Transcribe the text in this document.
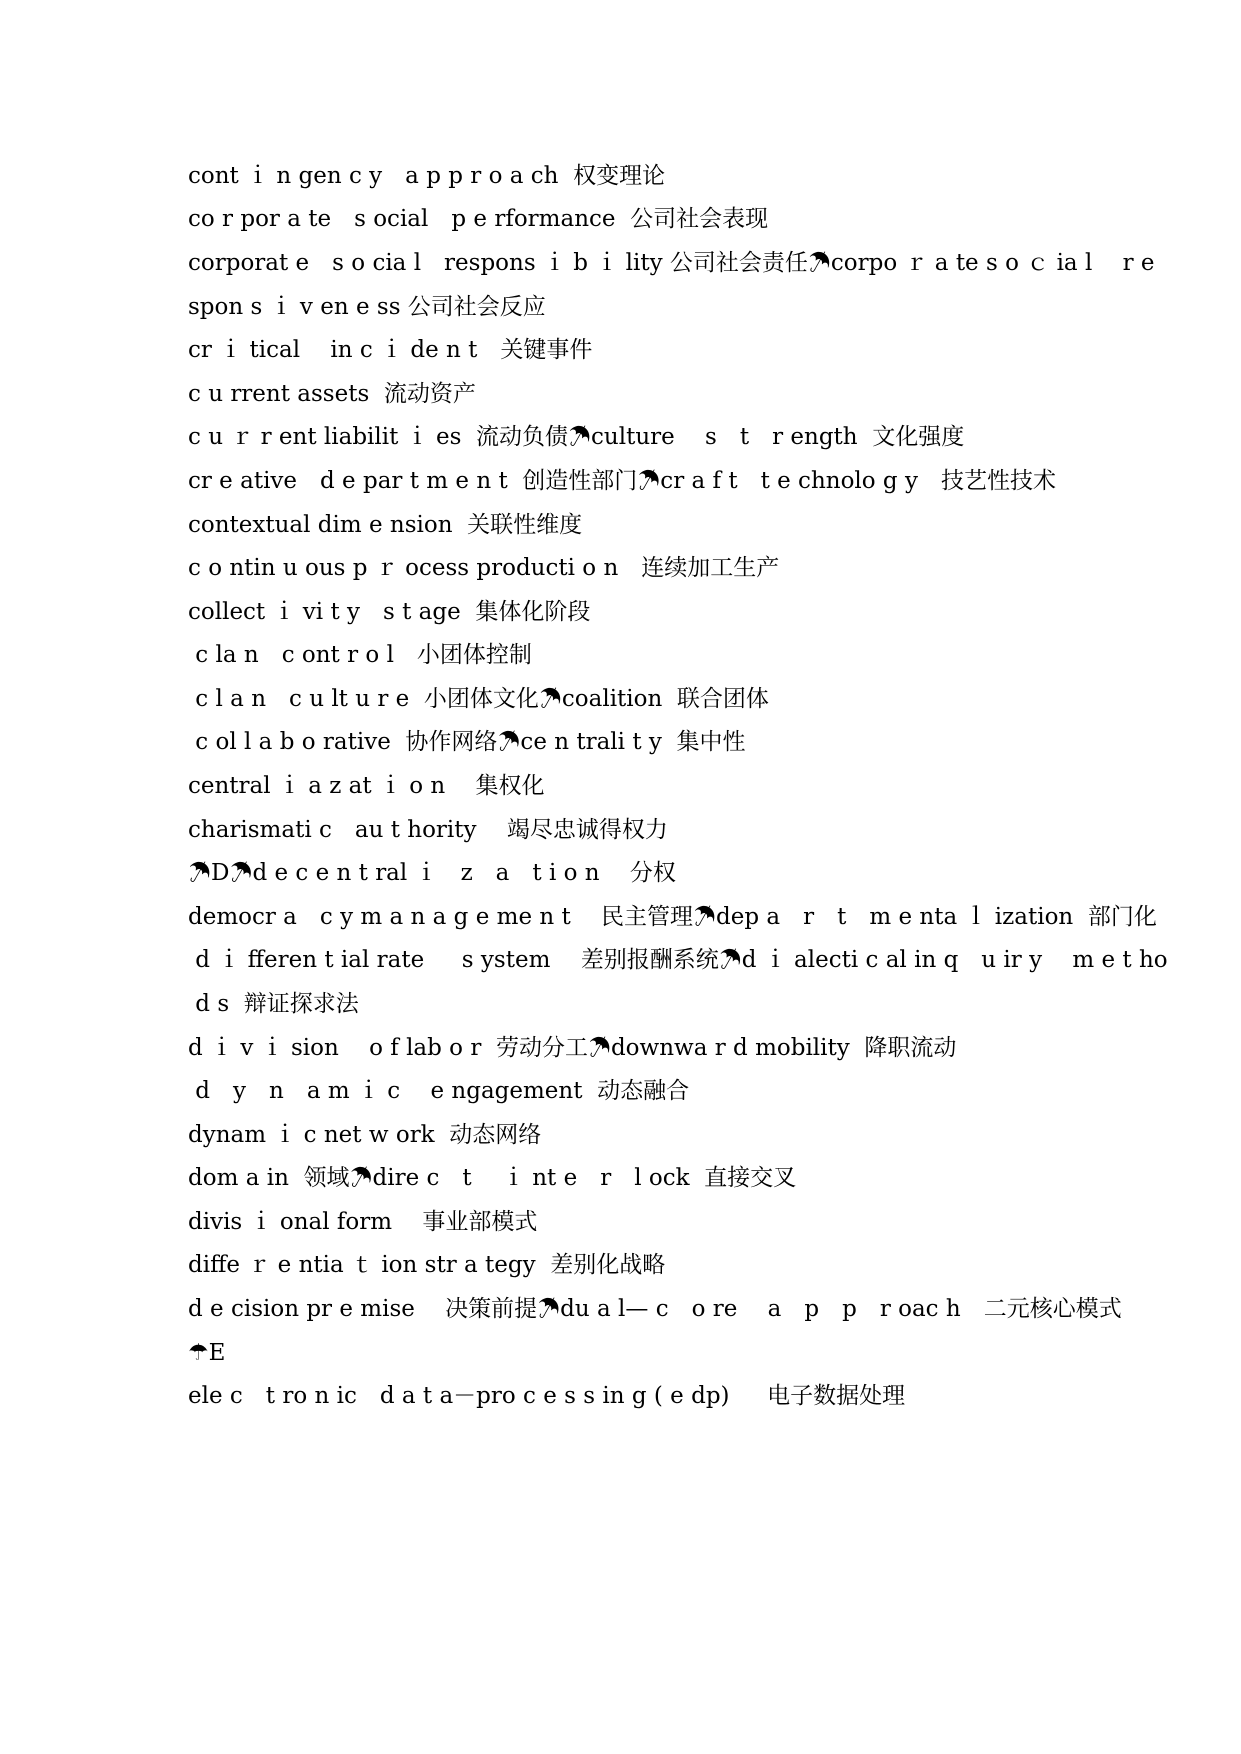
cont ｉ n gen c y　a p p r o a ch  权变理论
co r por a te　s ocial　p e rformance  公司社会表现
corporat e　s o cia l　respons ｉ b ｉ lity 公司社会责任☂corpo ｒ a te s o ｃ ia l　 r e
spon s ｉ v en e ss 公司社会反应
cr ｉ tical　 in c ｉ de n t　关键事件
c u rrent assets  流动资产
c u ｒ r ent liabilit ｉ es  流动负债☂culture　 s　t　r ength  文化强度
cr e ative　d e par t m e n t  创造性部门☂cr a f t　t e chnolo g y　技艺性技术
contextual dim e nsion  关联性维度
c o ntin u ous p ｒ ocess producti o n　连续加工生产
collect ｉ vi t y　s t age  集体化阶段
c la n　c ont r o l　小团体控制
c l a n　c u lt u r e  小团体文化☂coalition  联合团体
c ol l a b o rative  协作网络☂ce n trali t y  集中性
central ｉ a z at ｉ o n　 集权化
charismati c　au t hority　 竭尽忠诚得权力
☂D☂d e c e n t ral ｉ　z　a　t i o n　 分权
democr a　c y m a n a g e me n t　 民主管理☂dep a　r　t　m e nta ｌ ization  部门化
d ｉ fferen t ial rate　  s ystem　 差别报酬系统☂d ｉ alecti c al in q　u ir y　 m e t ho
d s  辩证探求法
d ｉ v ｉ sion　 o f lab o r  劳动分工☂downwa r d mobility  降职流动
d　y　n　a m ｉ c　 e ngagement  动态融合
dynam ｉ c net w ork  动态网络
dom a in  领域☂dire c　t　 ｉ nt e　r　l ock  直接交叉
divis ｉ onal form　 事业部模式
diffe ｒ e ntia ｔ ion str a tegy  差别化战略
d e cision pr e mise　 决策前提☂du a l— c　o re　 a　p　p　r oac h　二元核心模式
☂E
ele c　t ro n ic　d a t a－pro c e s s in g ( e dp)　  电子数据处理
